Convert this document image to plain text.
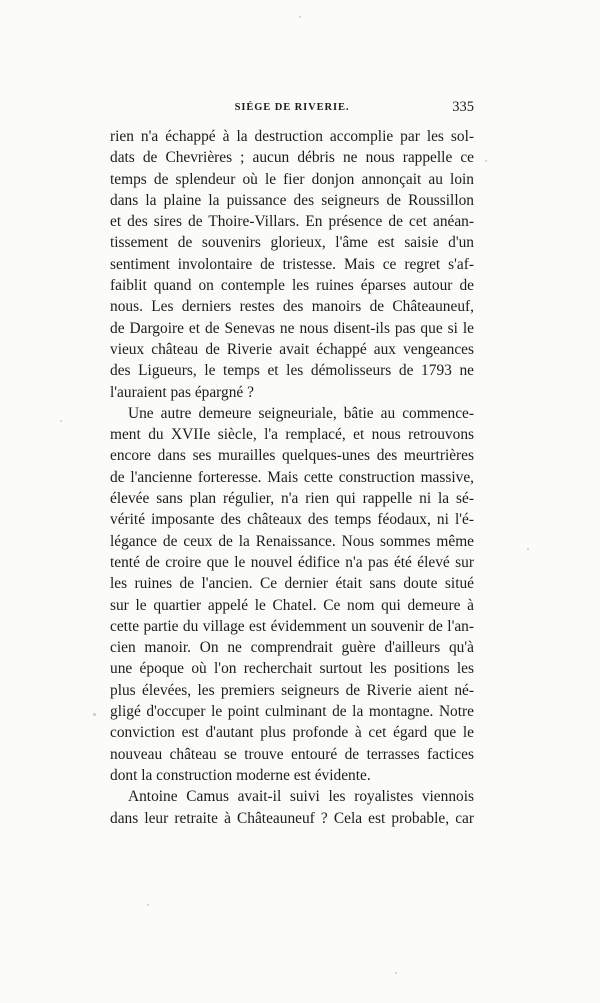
SIÉGE DE RIVERIE.	335

rien n'a échappé à la destruction accomplie par les sol-
dats de Chevrières ; aucun débris ne nous rappelle ce
temps de splendeur où le fier donjon annonçait au loin
dans la plaine la puissance des seigneurs de Roussillon
et des sires de Thoire-Villars. En présence de cet anéan-
tissement de souvenirs glorieux, l'âme est saisie d'un
sentiment involontaire de tristesse. Mais ce regret s'af-
faiblit quand on contemple les ruines éparses autour de
nous. Les derniers restes des manoirs de Châteauneuf,
de Dargoire et de Senevas ne nous disent-ils pas que si le
vieux château de Riverie avait échappé aux vengeances
des Ligueurs, le temps et les démolisseurs de 1793 ne
l'auraient pas épargné ?

Une autre demeure seigneuriale, bâtie au commence-
ment du XVIIe siècle, l'a remplacé, et nous retrouvons
encore dans ses murailles quelques-unes des meurtrières
de l'ancienne forteresse. Mais cette construction massive,
élevée sans plan régulier, n'a rien qui rappelle ni la sé-
vérité imposante des châteaux des temps féodaux, ni l'é-
légance de ceux de la Renaissance. Nous sommes même
tenté de croire que le nouvel édifice n'a pas été élevé sur
les ruines de l'ancien. Ce dernier était sans doute situé
sur le quartier appelé le Chatel. Ce nom qui demeure à
cette partie du village est évidemment un souvenir de l'an-
cien manoir. On ne comprendrait guère d'ailleurs qu'à
une époque où l'on recherchait surtout les positions les
plus élevées, les premiers seigneurs de Riverie aient né-
gligé d'occuper le point culminant de la montagne. Notre
conviction est d'autant plus profonde à cet égard que le
nouveau château se trouve entouré de terrasses factices
dont la construction moderne est évidente.

Antoine Camus avait-il suivi les royalistes viennois
dans leur retraite à Châteauneuf ? Cela est probable, car
